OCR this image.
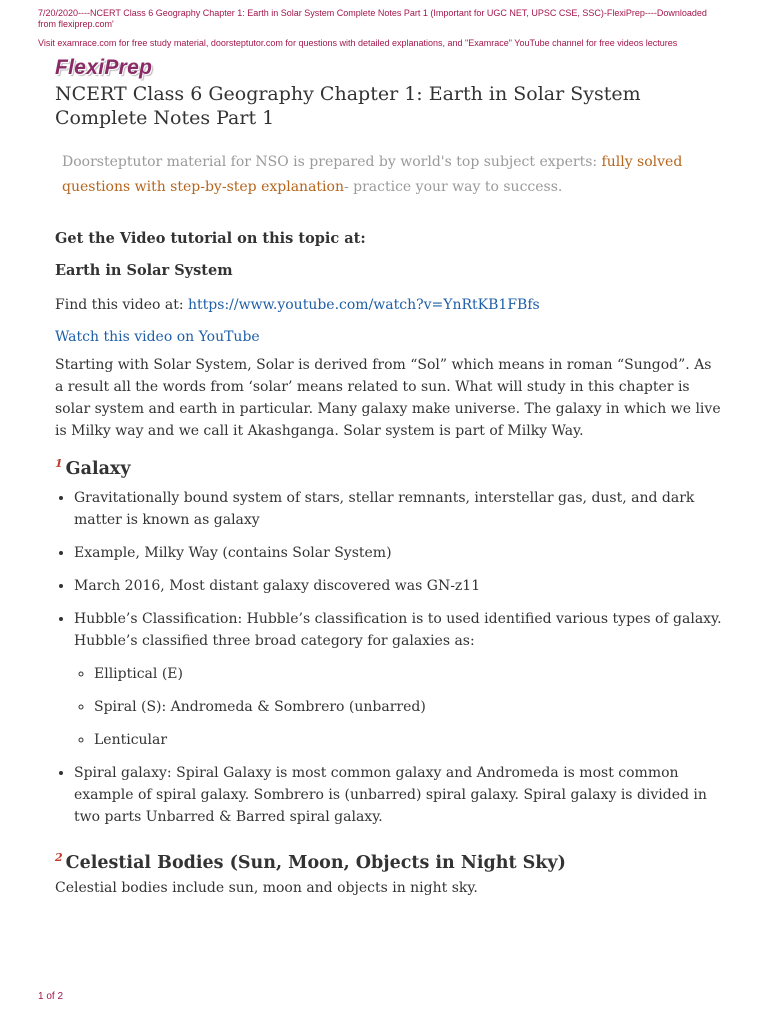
7/20/2020----NCERT Class 6 Geography Chapter 1: Earth in Solar System Complete Notes Part 1 (Important for UGC NET, UPSC CSE, SSC)-FlexiPrep----Downloaded from flexiprep.com'
Visit examrace.com for free study material, doorsteptutor.com for questions with detailed explanations, and "Examrace" YouTube channel for free videos lectures
FlexiPrep
NCERT Class 6 Geography Chapter 1: Earth in Solar System Complete Notes Part 1
Doorsteptutor material for NSO is prepared by world's top subject experts: fully solved questions with step-by-step explanation- practice your way to success.

Get the Video tutorial on this topic at:

Earth in Solar System

Find this video at: https://www.youtube.com/watch?v=YnRtKB1FBfs

Watch this video on YouTube

Starting with Solar System, Solar is derived from “Sol” which means in roman “Sungod”. As a result all the words from ‘solar’ means related to sun. What will study in this chapter is solar system and earth in particular. Many galaxy make universe. The galaxy in which we live is Milky way and we call it Akashganga. Solar system is part of Milky Way.

$^1$ Galaxy
• Gravitationally bound system of stars, stellar remnants, interstellar gas, dust, and dark matter is known as galaxy
• Example, Milky Way (contains Solar System)
• March 2016, Most distant galaxy discovered was GN-z11
• Hubble’s Classification: Hubble’s classification is to used identified various types of galaxy. Hubble’s classified three broad category for galaxies as:
◦ Elliptical (E)
◦ Spiral (S): Andromeda & Sombrero (unbarred)
◦ Lenticular
• Spiral galaxy: Spiral Galaxy is most common galaxy and Andromeda is most common example of spiral galaxy. Sombrero is (unbarred) spiral galaxy. Spiral galaxy is divided in two parts Unbarred & Barred spiral galaxy.
$^2$ Celestial Bodies (Sun, Moon, Objects in Night Sky)

Celestial bodies include sun, moon and objects in night sky.

1 of 2
